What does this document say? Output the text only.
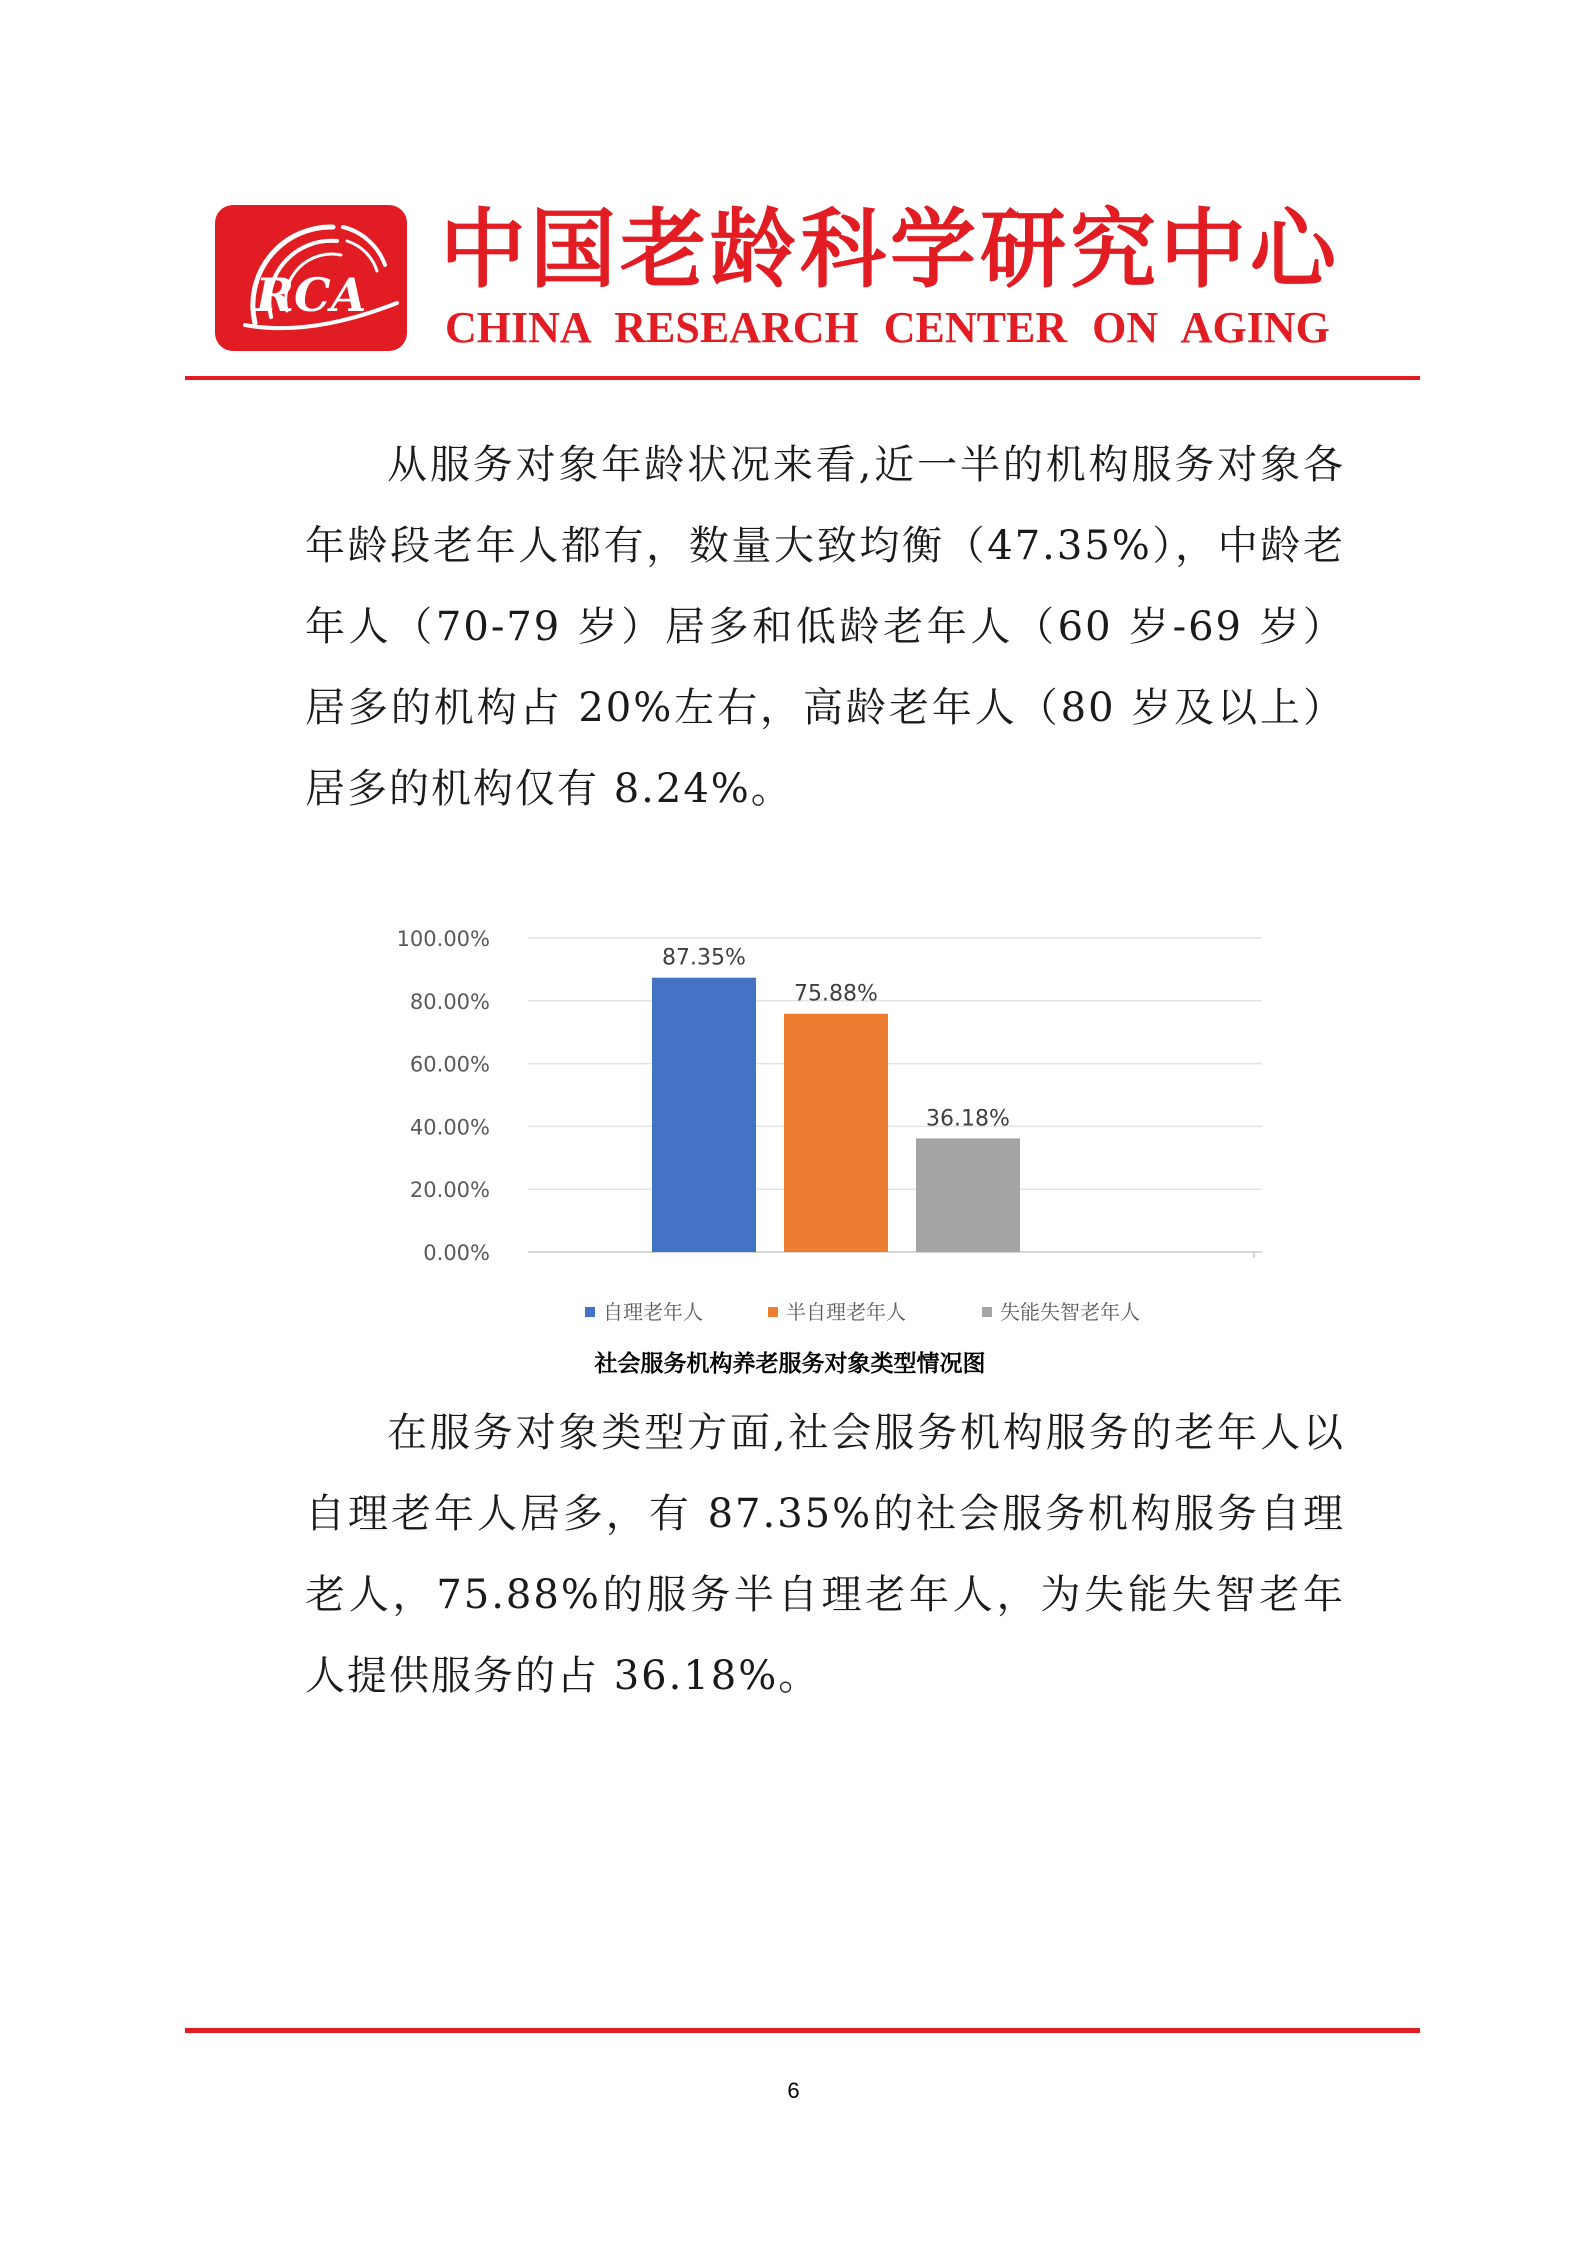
RCA 中国老龄科学研究中心
CHINA RESEARCH CENTER ON AGING

从服务对象年龄状况来看,近一半的机构服务对象各年龄段老年人都有，数量大致均衡（47.35%），中龄老年人（70-79 岁）居多和低龄老年人（60 岁-69 岁）居多的机构占 20%左右，高龄老年人（80 岁及以上）居多的机构仅有 8.24%。

0.00%
20.00%
40.00%
60.00%
80.00%
100.00%
87.35%
75.88%
36.18%
自理老年人	半自理老年人	失能失智老年人
社会服务机构养老服务对象类型情况图

在服务对象类型方面,社会服务机构服务的老年人以自理老年人居多，有 87.35%的社会服务机构服务自理老人，75.88%的服务半自理老年人，为失能失智老年人提供服务的占 36.18%。

6
